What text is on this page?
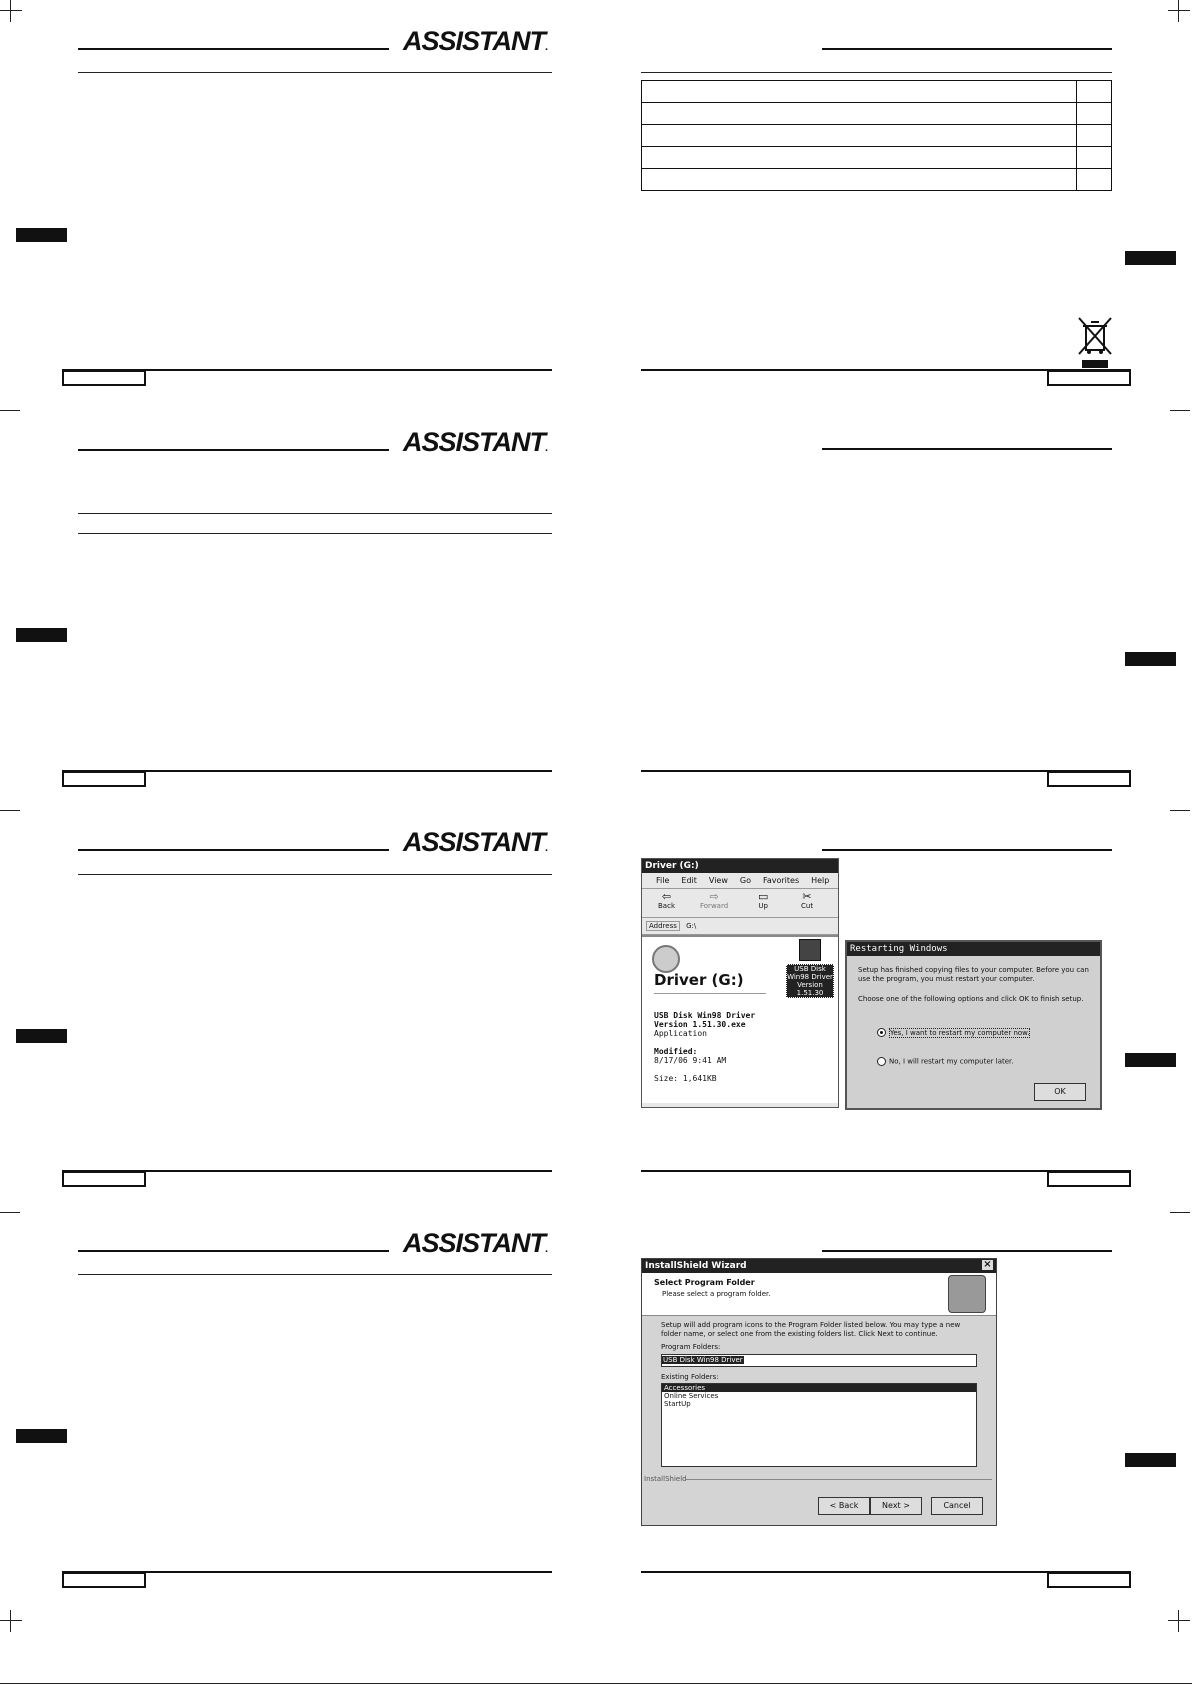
ASSISTANT.
ASSISTANT.
ASSISTANT.
ASSISTANT.

Driver (G:)
File Edit View Go Favorites Help
⇦
Back
⇨
Forward
▭
Up
✂
Cut
Address G:\
Driver (G:)
USB Disk Win98 Driver
Version 1.51.30.exe
Application
Modified:
8/17/06 9:41 AM
Size: 1,641KB
USB Disk
Win98 Driver
Version
1.51.30
Restarting Windows
Setup has finished copying files to your computer. Before you can use the program, you must restart your computer.
Choose one of the following options and click OK to finish setup.
Yes, I want to restart my computer now.
No, I will restart my computer later.
OK
InstallShield Wizard	×
Select Program Folder
Please select a program folder.
Setup will add program icons to the Program Folder listed below. You may type a new folder name, or select one from the existing folders list. Click Next to continue.
Program Folders:
USB Disk Win98 Driver
Existing Folders:
Accessories
Online Services
StartUp
InstallShield
< Back	Next >	Cancel
